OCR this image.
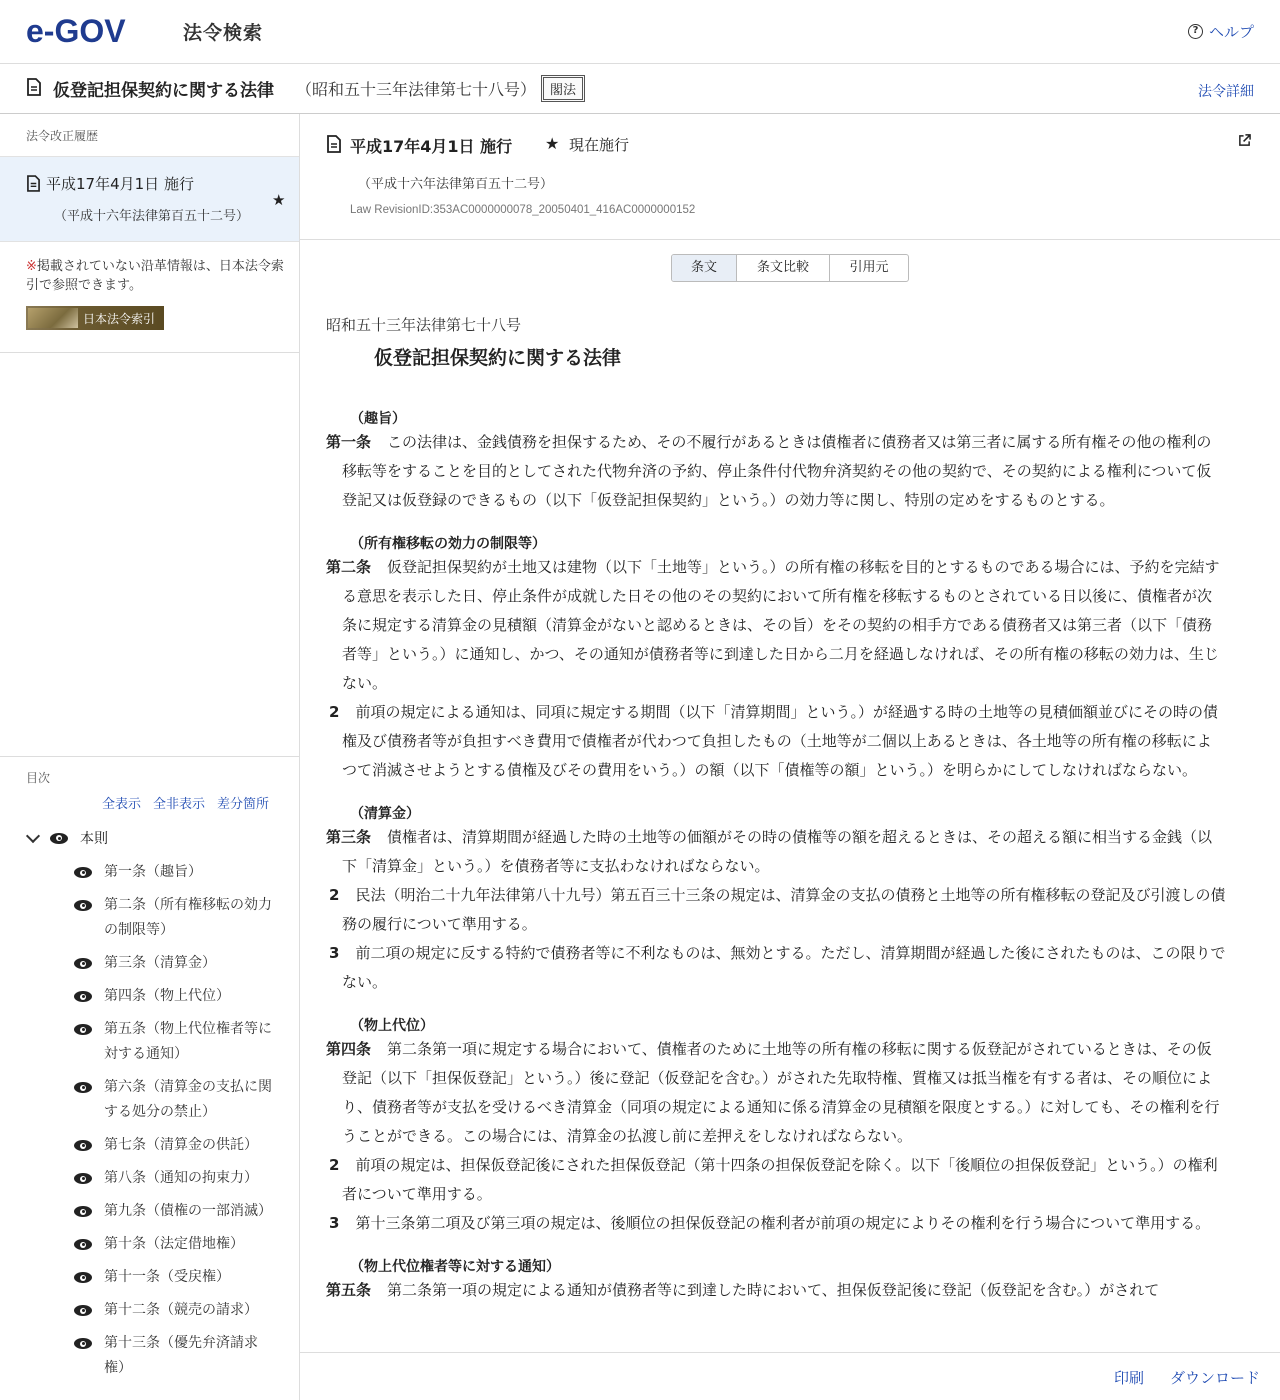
e-GOV	法令検索	? ヘルプ
仮登記担保契約に関する法律 （昭和五十三年法律第七十八号）	閣法	法令詳細
法令改正履歴
平成17年4月1日 施行
（平成十六年法律第百五十二号）
★
※掲載されていない沿革情報は、日本法令索引で参照できます。
日本法令索引
目次
全表示 全非表示 差分箇所
本則
第一条（趣旨）
第二条（所有権移転の効力の制限等）
第三条（清算金）
第四条（物上代位）
第五条（物上代位権者等に対する通知）
第六条（清算金の支払に関する処分の禁止）
第七条（清算金の供託）
第八条（通知の拘束力）
第九条（債権の一部消滅）
第十条（法定借地権）
第十一条（受戻権）
第十二条（競売の請求）
第十三条（優先弁済請求権）
平成17年4月1日 施行 ★ 現在施行
（平成十六年法律第百五十二号）
Law RevisionID:353AC0000000078_20050401_416AC0000000152
条文	条文比較	引用元
昭和五十三年法律第七十八号
仮登記担保契約に関する法律
（趣旨）
第一条 この法律は、金銭債務を担保するため、その不履行があるときは債権者に債務者又は第三者に属する所有権その他の権利の移転等をすることを目的としてされた代物弁済の予約、停止条件付代物弁済契約その他の契約で、その契約による権利について仮登記又は仮登録のできるもの（以下「仮登記担保契約」という。）の効力等に関し、特別の定めをするものとする。
（所有権移転の効力の制限等）
第二条 仮登記担保契約が土地又は建物（以下「土地等」という。）の所有権の移転を目的とするものである場合には、予約を完結する意思を表示した日、停止条件が成就した日その他のその契約において所有権を移転するものとされている日以後に、債権者が次条に規定する清算金の見積額（清算金がないと認めるときは、その旨）をその契約の相手方である債務者又は第三者（以下「債務者等」という。）に通知し、かつ、その通知が債務者等に到達した日から二月を経過しなければ、その所有権の移転の効力は、生じない。
2 前項の規定による通知は、同項に規定する期間（以下「清算期間」という。）が経過する時の土地等の見積価額並びにその時の債権及び債務者等が負担すべき費用で債権者が代わつて負担したもの（土地等が二個以上あるときは、各土地等の所有権の移転によつて消滅させようとする債権及びその費用をいう。）の額（以下「債権等の額」という。）を明らかにしてしなければならない。
（清算金）
第三条 債権者は、清算期間が経過した時の土地等の価額がその時の債権等の額を超えるときは、その超える額に相当する金銭（以下「清算金」という。）を債務者等に支払わなければならない。
2 民法（明治二十九年法律第八十九号）第五百三十三条の規定は、清算金の支払の債務と土地等の所有権移転の登記及び引渡しの債務の履行について準用する。
3 前二項の規定に反する特約で債務者等に不利なものは、無効とする。ただし、清算期間が経過した後にされたものは、この限りでない。
（物上代位）
第四条 第二条第一項に規定する場合において、債権者のために土地等の所有権の移転に関する仮登記がされているときは、その仮登記（以下「担保仮登記」という。）後に登記（仮登記を含む。）がされた先取特権、質権又は抵当権を有する者は、その順位により、債務者等が支払を受けるべき清算金（同項の規定による通知に係る清算金の見積額を限度とする。）に対しても、その権利を行うことができる。この場合には、清算金の払渡し前に差押えをしなければならない。
2 前項の規定は、担保仮登記後にされた担保仮登記（第十四条の担保仮登記を除く。以下「後順位の担保仮登記」という。）の権利者について準用する。
3 第十三条第二項及び第三項の規定は、後順位の担保仮登記の権利者が前項の規定によりその権利を行う場合について準用する。
（物上代位権者等に対する通知）
第五条 第二条第一項の規定による通知が債務者等に到達した時において、担保仮登記後に登記（仮登記を含む。）がされて
印刷 ダウンロード
